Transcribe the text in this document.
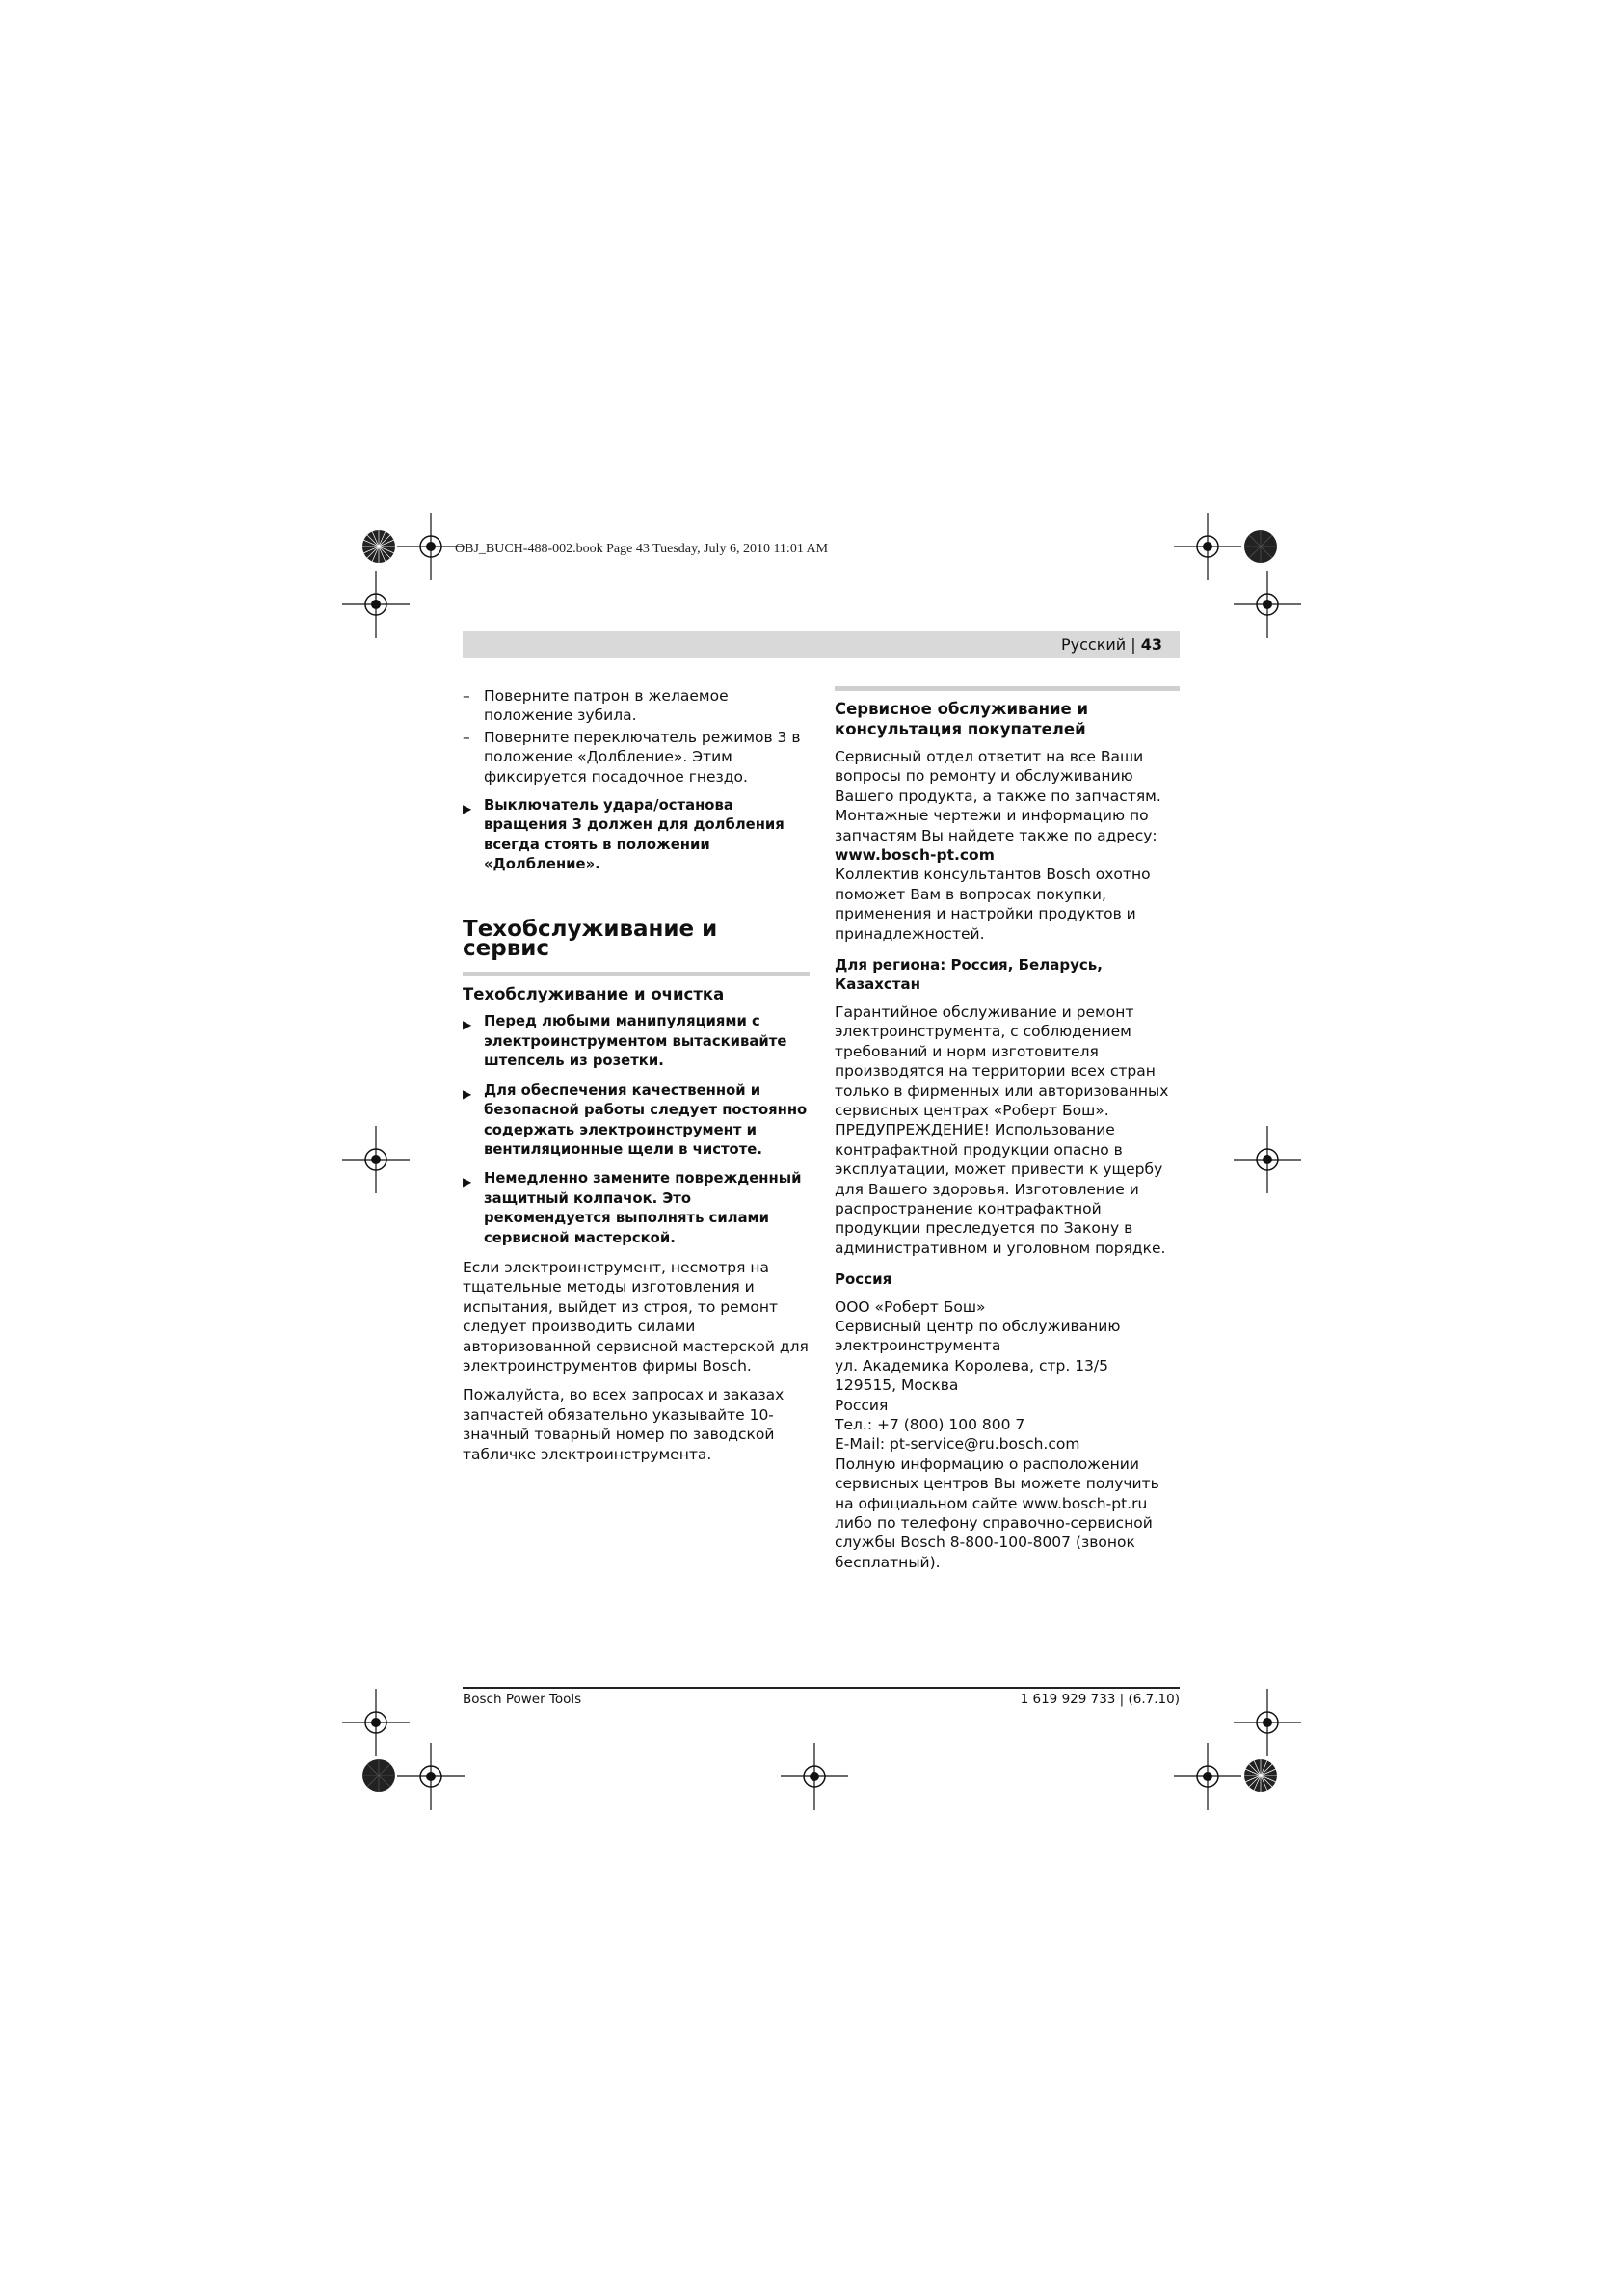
OBJ_BUCH-488-002.book Page 43 Tuesday, July 6, 2010 11:01 AM
Русский | 43
– Поверните патрон в желаемое положение зубила.
– Поверните переключатель режимов 3 в положение «Долбление». Этим фиксируется посадочное гнездо.
▶ Выключатель удара/останова вращения 3 должен для долбления всегда стоять в положении «Долбление».
Техобслуживание и сервис
Техобслуживание и очистка
▶ Перед любыми манипуляциями с электроинструментом вытаскивайте штепсель из розетки.
▶ Для обеспечения качественной и безопасной работы следует постоянно содержать электроинструмент и вентиляционные щели в чистоте.
▶ Немедленно замените поврежденный защитный колпачок. Это рекомендуется выполнять силами сервисной мастерской.

Если электроинструмент, несмотря на тщательные методы изготовления и испытания, выйдет из строя, то ремонт следует производить силами авторизованной сервисной мастерской для электроинструментов фирмы Bosch.

Пожалуйста, во всех запросах и заказах запчастей обязательно указывайте 10-значный товарный номер по заводской табличке электроинструмента.

Сервисное обслуживание и консультация покупателей

Сервисный отдел ответит на все Ваши вопросы по ремонту и обслуживанию Вашего продукта, а также по запчастям. Монтажные чертежи и информацию по запчастям Вы найдете также по адресу:

www.bosch-pt.com

Коллектив консультантов Bosch охотно поможет Вам в вопросах покупки, применения и настройки продуктов и принадлежностей.

Для региона: Россия, Беларусь, Казахстан

Гарантийное обслуживание и ремонт электроинструмента, с соблюдением требований и норм изготовителя производятся на территории всех стран только в фирменных или авторизованных сервисных центрах «Роберт Бош».

ПРЕДУПРЕЖДЕНИЕ! Использование контрафактной продукции опасно в эксплуатации, может привести к ущербу для Вашего здоровья. Изготовление и распространение контрафактной продукции преследуется по Закону в административном и уголовном порядке.

Россия
ООО «Роберт Бош»
Сервисный центр по обслуживанию электроинструмента
ул. Академика Королева, стр. 13/5
129515, Москва
Россия
Тел.: +7 (800) 100 800 7
E-Mail: pt-service@ru.bosch.com

Полную информацию о расположении сервисных центров Вы можете получить на официальном сайте www.bosch-pt.ru либо по телефону справочно-сервисной службы Bosch 8-800-100-8007 (звонок бесплатный).

Bosch Power Tools	1 619 929 733 | (6.7.10)
